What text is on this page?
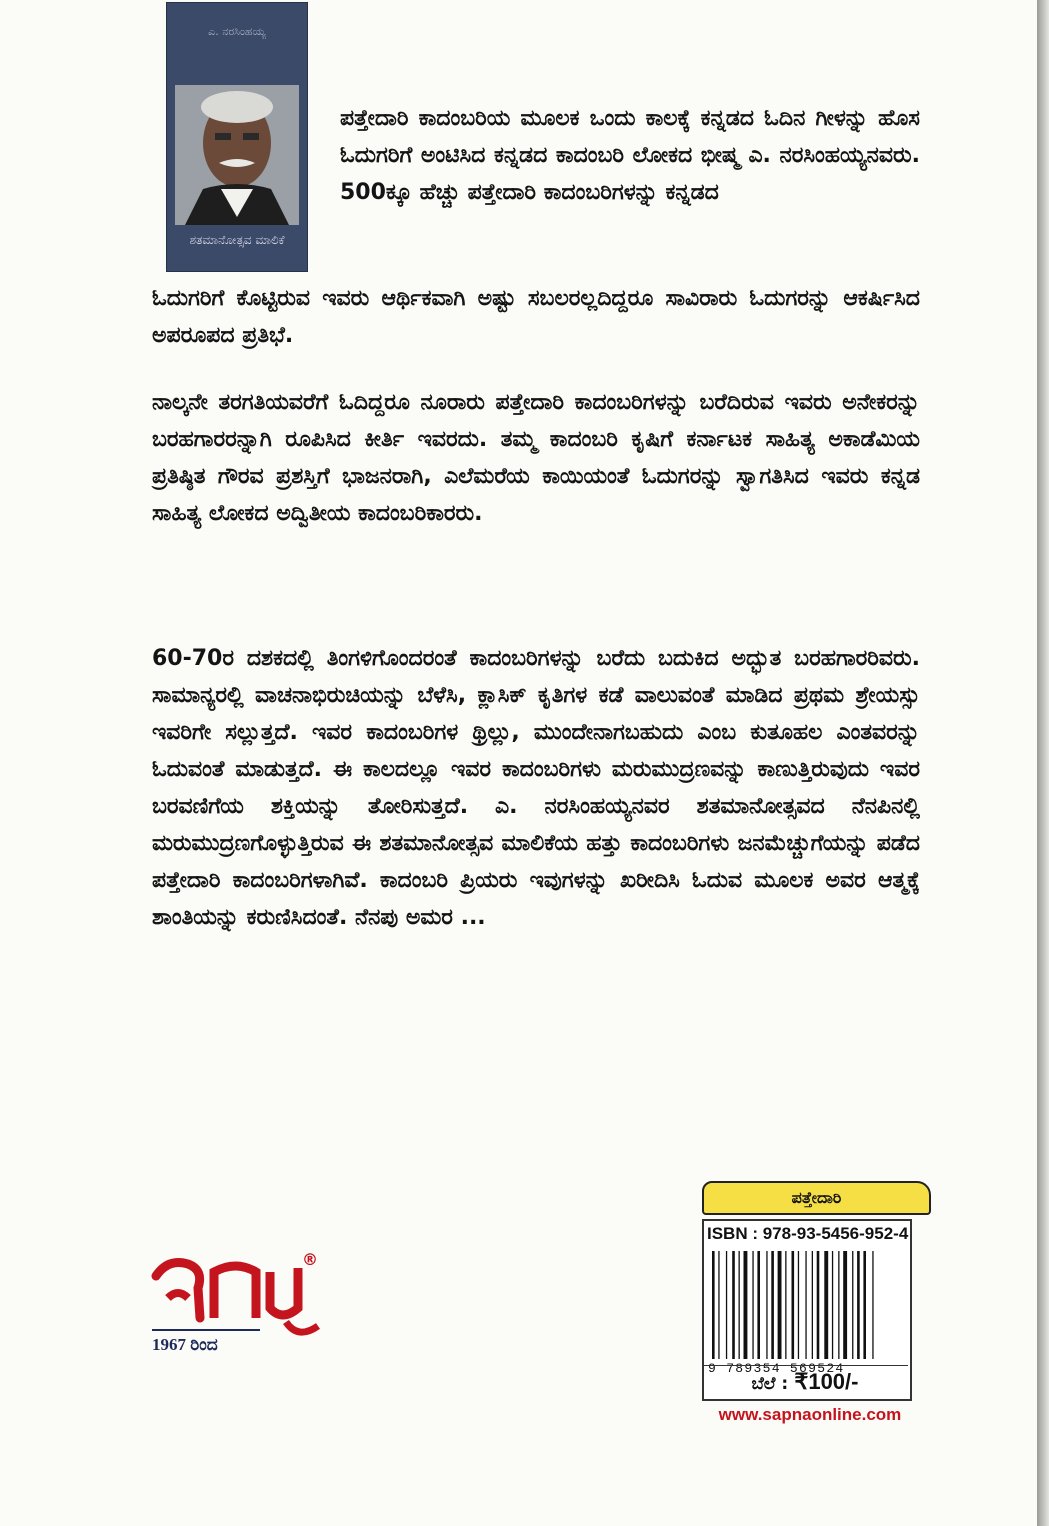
ಎ. ನರಸಿಂಹಯ್ಯ
ಶತಮಾನೋತ್ಸವ ಮಾಲಿಕೆ
ಪತ್ತೇದಾರಿ ಕಾದಂಬರಿಯ ಮೂಲಕ ಒಂದು ಕಾಲಕ್ಕೆ ಕನ್ನಡದ ಓದಿನ ಗೀಳನ್ನು ಹೊಸ ಓದುಗರಿಗೆ ಅಂಟಿಸಿದ ಕನ್ನಡದ ಕಾದಂಬರಿ ಲೋಕದ ಭೀಷ್ಮ ಎ. ನರಸಿಂಹಯ್ಯನವರು. 500ಕ್ಕೂ ಹೆಚ್ಚು ಪತ್ತೇದಾರಿ ಕಾದಂಬರಿಗಳನ್ನು ಕನ್ನಡದ
ಓದುಗರಿಗೆ ಕೊಟ್ಟಿರುವ ಇವರು ಆರ್ಥಿಕವಾಗಿ ಅಷ್ಟು ಸಬಲರಲ್ಲದಿದ್ದರೂ ಸಾವಿರಾರು ಓದುಗರನ್ನು ಆಕರ್ಷಿಸಿದ ಅಪರೂಪದ ಪ್ರತಿಭೆ.
ನಾಲ್ಕನೇ ತರಗತಿಯವರೆಗೆ ಓದಿದ್ದರೂ ನೂರಾರು ಪತ್ತೇದಾರಿ ಕಾದಂಬರಿಗಳನ್ನು ಬರೆದಿರುವ ಇವರು ಅನೇಕರನ್ನು ಬರಹಗಾರರನ್ನಾಗಿ ರೂಪಿಸಿದ ಕೀರ್ತಿ ಇವರದು. ತಮ್ಮ ಕಾದಂಬರಿ ಕೃಷಿಗೆ ಕರ್ನಾಟಕ ಸಾಹಿತ್ಯ ಅಕಾಡೆಮಿಯ ಪ್ರತಿಷ್ಠಿತ ಗೌರವ ಪ್ರಶಸ್ತಿಗೆ ಭಾಜನರಾಗಿ, ಎಲೆಮರೆಯ ಕಾಯಿಯಂತೆ ಓದುಗರನ್ನು ಸ್ವಾಗತಿಸಿದ ಇವರು ಕನ್ನಡ ಸಾಹಿತ್ಯ ಲೋಕದ ಅದ್ವಿತೀಯ ಕಾದಂಬರಿಕಾರರು.
60-70ರ ದಶಕದಲ್ಲಿ ತಿಂಗಳಿಗೊಂದರಂತೆ ಕಾದಂಬರಿಗಳನ್ನು ಬರೆದು ಬದುಕಿದ ಅದ್ಭುತ ಬರಹಗಾರರಿವರು. ಸಾಮಾನ್ಯರಲ್ಲಿ ವಾಚನಾಭಿರುಚಿಯನ್ನು ಬೆಳೆಸಿ, ಕ್ಲಾಸಿಕ್ ಕೃತಿಗಳ ಕಡೆ ವಾಲುವಂತೆ ಮಾಡಿದ ಪ್ರಥಮ ಶ್ರೇಯಸ್ಸು ಇವರಿಗೇ ಸಲ್ಲುತ್ತದೆ. ಇವರ ಕಾದಂಬರಿಗಳ ಥ್ರಿಲ್ಲು, ಮುಂದೇನಾಗಬಹುದು ಎಂಬ ಕುತೂಹಲ ಎಂತವರನ್ನು ಓದುವಂತೆ ಮಾಡುತ್ತದೆ. ಈ ಕಾಲದಲ್ಲೂ ಇವರ ಕಾದಂಬರಿಗಳು ಮರುಮುದ್ರಣವನ್ನು ಕಾಣುತ್ತಿರುವುದು ಇವರ ಬರವಣಿಗೆಯ ಶಕ್ತಿಯನ್ನು ತೋರಿಸುತ್ತದೆ. ಎ. ನರಸಿಂಹಯ್ಯನವರ ಶತಮಾನೋತ್ಸವದ ನೆನಪಿನಲ್ಲಿ ಮರುಮುದ್ರಣಗೊಳ್ಳುತ್ತಿರುವ ಈ ಶತಮಾನೋತ್ಸವ ಮಾಲಿಕೆಯ ಹತ್ತು ಕಾದಂಬರಿಗಳು ಜನಮೆಚ್ಚುಗೆಯನ್ನು ಪಡೆದ ಪತ್ತೇದಾರಿ ಕಾದಂಬರಿಗಳಾಗಿವೆ. ಕಾದಂಬರಿ ಪ್ರಿಯರು ಇವುಗಳನ್ನು ಖರೀದಿಸಿ ಓದುವ ಮೂಲಕ ಅವರ ಆತ್ಮಕ್ಕೆ ಶಾಂತಿಯನ್ನು ಕರುಣಿಸಿದಂತೆ. ನೆನಪು ಅಮರ ...
®
1967 ರಿಂದ
ಪತ್ತೇದಾರಿ
ISBN : 978-93-5456-952-4
9 789354 569524
ಬೆಲೆ : ₹100/-
www.sapnaonline.com
